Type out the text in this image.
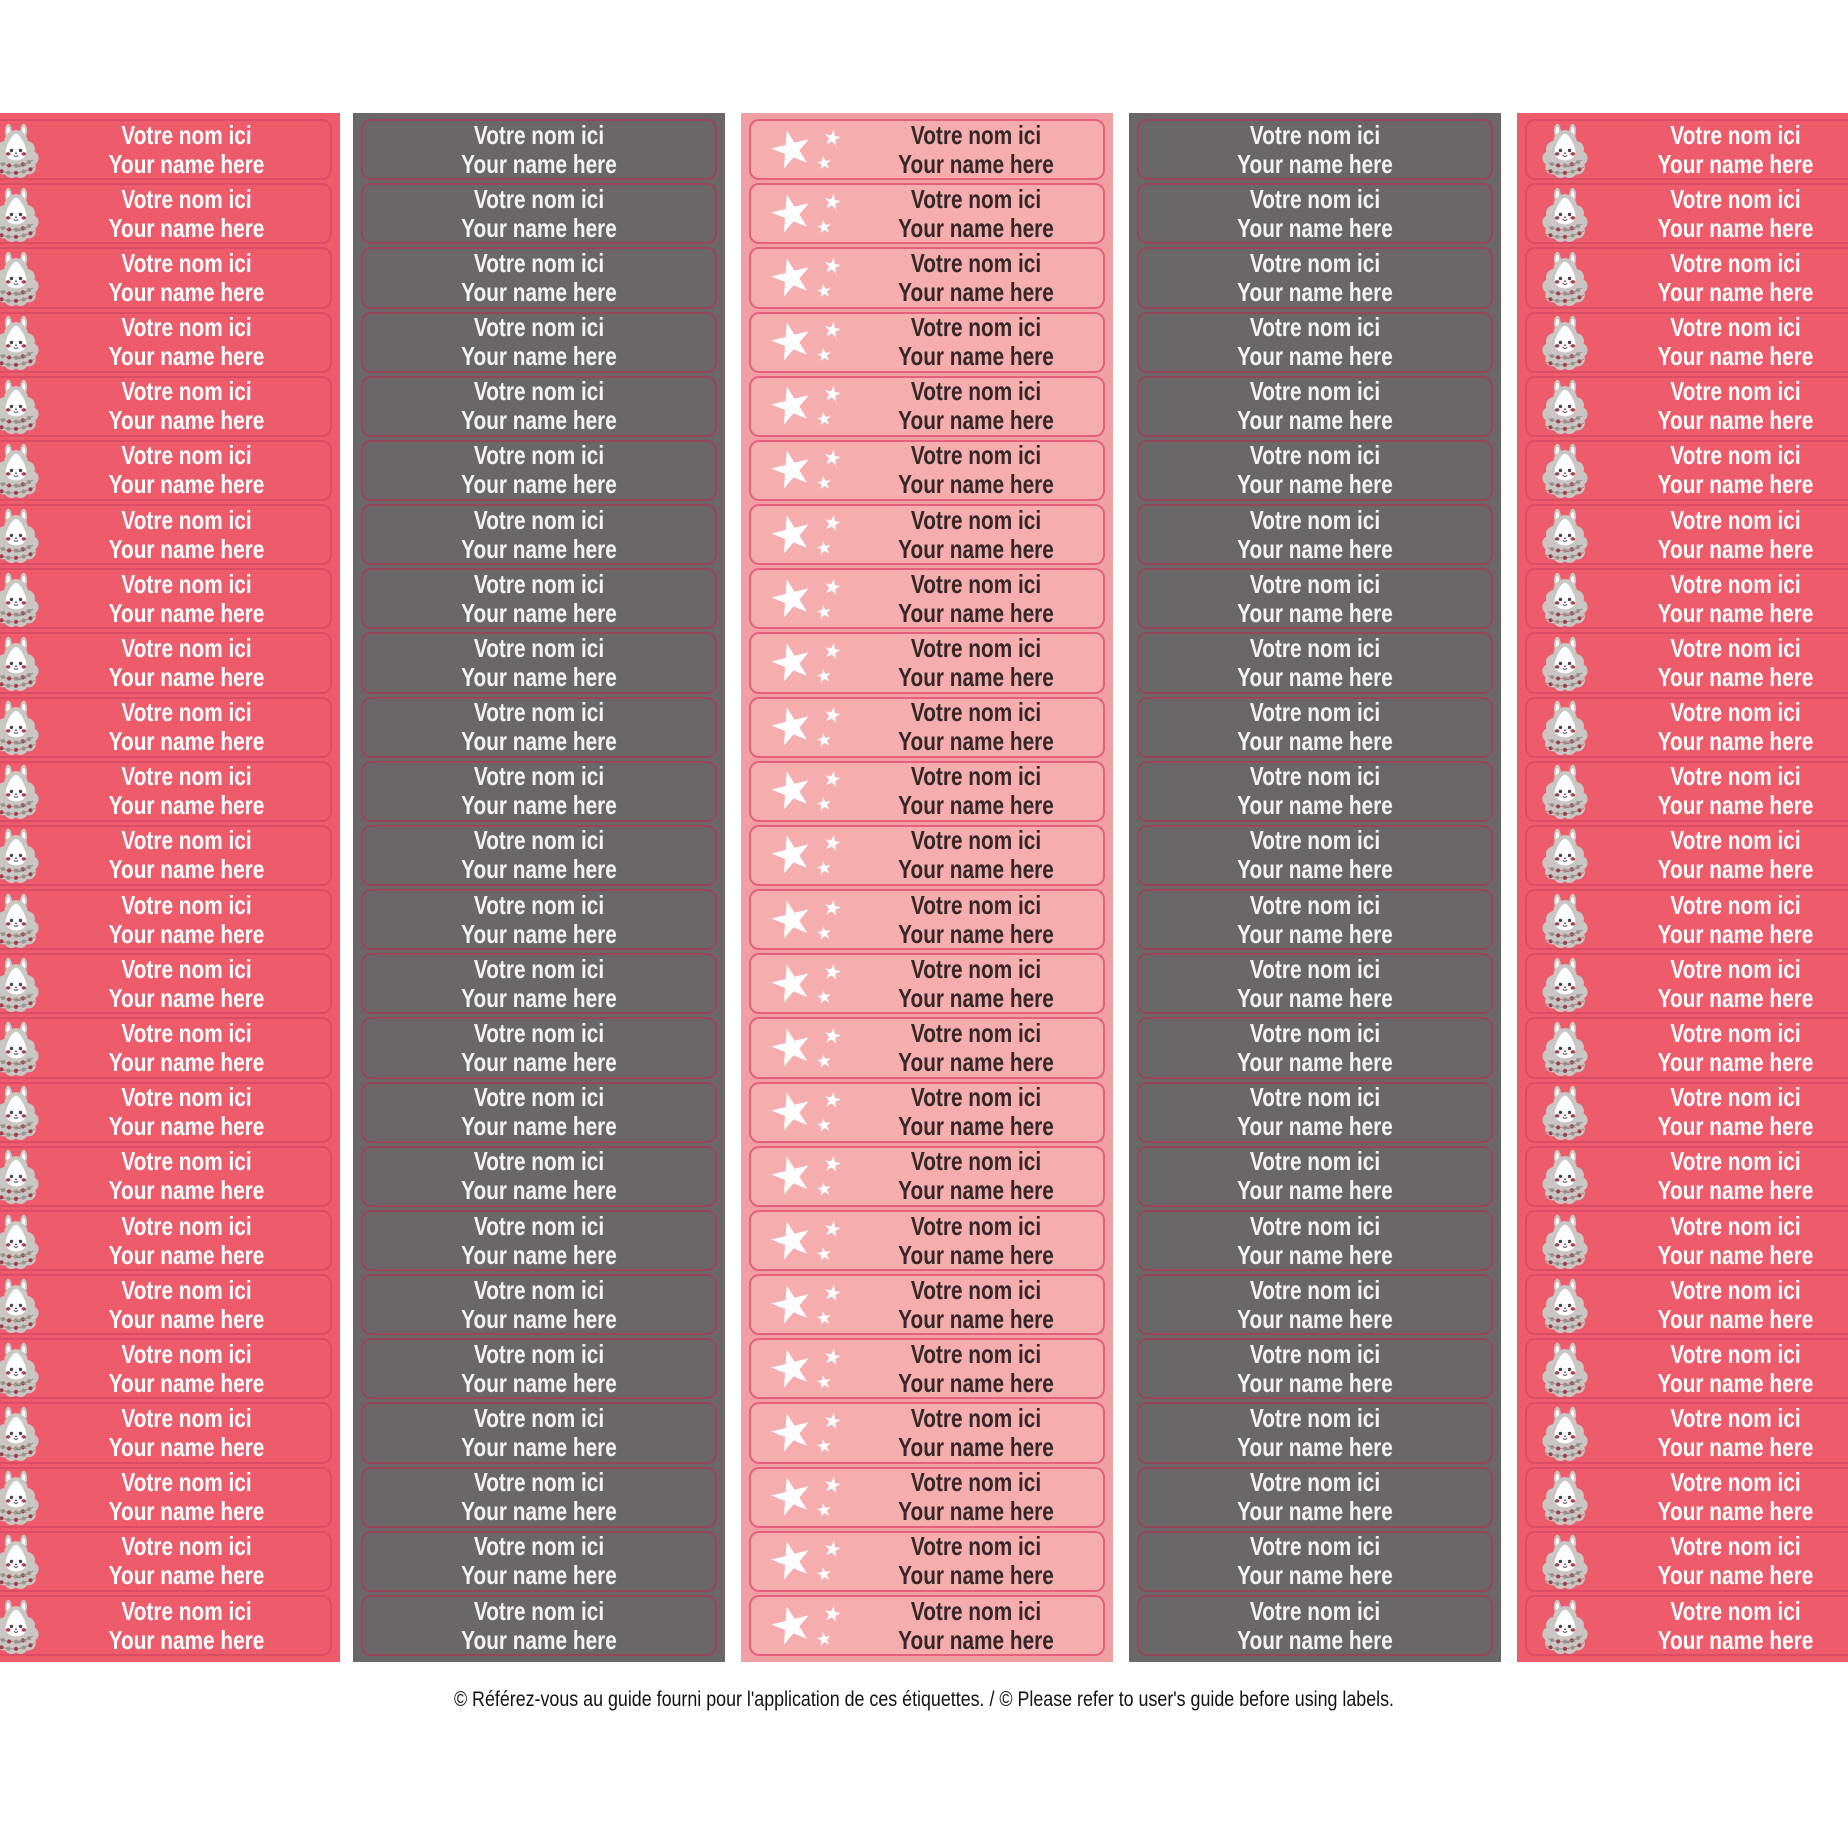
Votre nom ici
Your name here
Votre nom ici
Your name here
Votre nom ici
Your name here
Votre nom ici
Your name here
Votre nom ici
Your name here
Votre nom ici
Your name here
Votre nom ici
Your name here
Votre nom ici
Your name here
Votre nom ici
Your name here
Votre nom ici
Your name here
Votre nom ici
Your name here
Votre nom ici
Your name here
Votre nom ici
Your name here
Votre nom ici
Your name here
Votre nom ici
Your name here
Votre nom ici
Your name here
Votre nom ici
Your name here
Votre nom ici
Your name here
Votre nom ici
Your name here
Votre nom ici
Your name here
Votre nom ici
Your name here
Votre nom ici
Your name here
Votre nom ici
Your name here
Votre nom ici
Your name here
Votre nom ici
Your name here
Votre nom ici
Your name here
Votre nom ici
Your name here
Votre nom ici
Your name here
Votre nom ici
Your name here
Votre nom ici
Your name here
Votre nom ici
Your name here
Votre nom ici
Your name here
Votre nom ici
Your name here
Votre nom ici
Your name here
Votre nom ici
Your name here
Votre nom ici
Your name here
Votre nom ici
Your name here
Votre nom ici
Your name here
Votre nom ici
Your name here
Votre nom ici
Your name here
Votre nom ici
Your name here
Votre nom ici
Your name here
Votre nom ici
Your name here
Votre nom ici
Your name here
Votre nom ici
Your name here
Votre nom ici
Your name here
Votre nom ici
Your name here
Votre nom ici
Your name here
★ ★
★
Votre nom ici
Your name here
★ ★
★
Votre nom ici
Your name here
★ ★
★
Votre nom ici
Your name here
★ ★
★
Votre nom ici
Your name here
★ ★
★
Votre nom ici
Your name here
★ ★
★
Votre nom ici
Your name here
★ ★
★
Votre nom ici
Your name here
★ ★
★
Votre nom ici
Your name here
★ ★
★
Votre nom ici
Your name here
★ ★
★
Votre nom ici
Your name here
★ ★
★
Votre nom ici
Your name here
★ ★
★
Votre nom ici
Your name here
★ ★
★
Votre nom ici
Your name here
★ ★
★
Votre nom ici
Your name here
★ ★
★
Votre nom ici
Your name here
★ ★
★
Votre nom ici
Your name here
★ ★
★
Votre nom ici
Your name here
★ ★
★
Votre nom ici
Your name here
★ ★
★
Votre nom ici
Your name here
★ ★
★
Votre nom ici
Your name here
★ ★
★
Votre nom ici
Your name here
★ ★
★
Votre nom ici
Your name here
★ ★
★
Votre nom ici
Your name here
★ ★
★
Votre nom ici
Your name here
Votre nom ici
Your name here
Votre nom ici
Your name here
Votre nom ici
Your name here
Votre nom ici
Your name here
Votre nom ici
Your name here
Votre nom ici
Your name here
Votre nom ici
Your name here
Votre nom ici
Your name here
Votre nom ici
Your name here
Votre nom ici
Your name here
Votre nom ici
Your name here
Votre nom ici
Your name here
Votre nom ici
Your name here
Votre nom ici
Your name here
Votre nom ici
Your name here
Votre nom ici
Your name here
Votre nom ici
Your name here
Votre nom ici
Your name here
Votre nom ici
Your name here
Votre nom ici
Your name here
Votre nom ici
Your name here
Votre nom ici
Your name here
Votre nom ici
Your name here
Votre nom ici
Your name here
Votre nom ici
Your name here
Votre nom ici
Your name here
Votre nom ici
Your name here
Votre nom ici
Your name here
Votre nom ici
Your name here
Votre nom ici
Your name here
Votre nom ici
Your name here
Votre nom ici
Your name here
Votre nom ici
Your name here
Votre nom ici
Your name here
Votre nom ici
Your name here
Votre nom ici
Your name here
Votre nom ici
Your name here
Votre nom ici
Your name here
Votre nom ici
Your name here
Votre nom ici
Your name here
Votre nom ici
Your name here
Votre nom ici
Your name here
Votre nom ici
Your name here
Votre nom ici
Your name here
Votre nom ici
Your name here
Votre nom ici
Your name here
Votre nom ici
Your name here
Votre nom ici
Your name here
© Référez-vous au guide fourni pour l'application de ces étiquettes. / © Please refer to user's guide before using labels.
